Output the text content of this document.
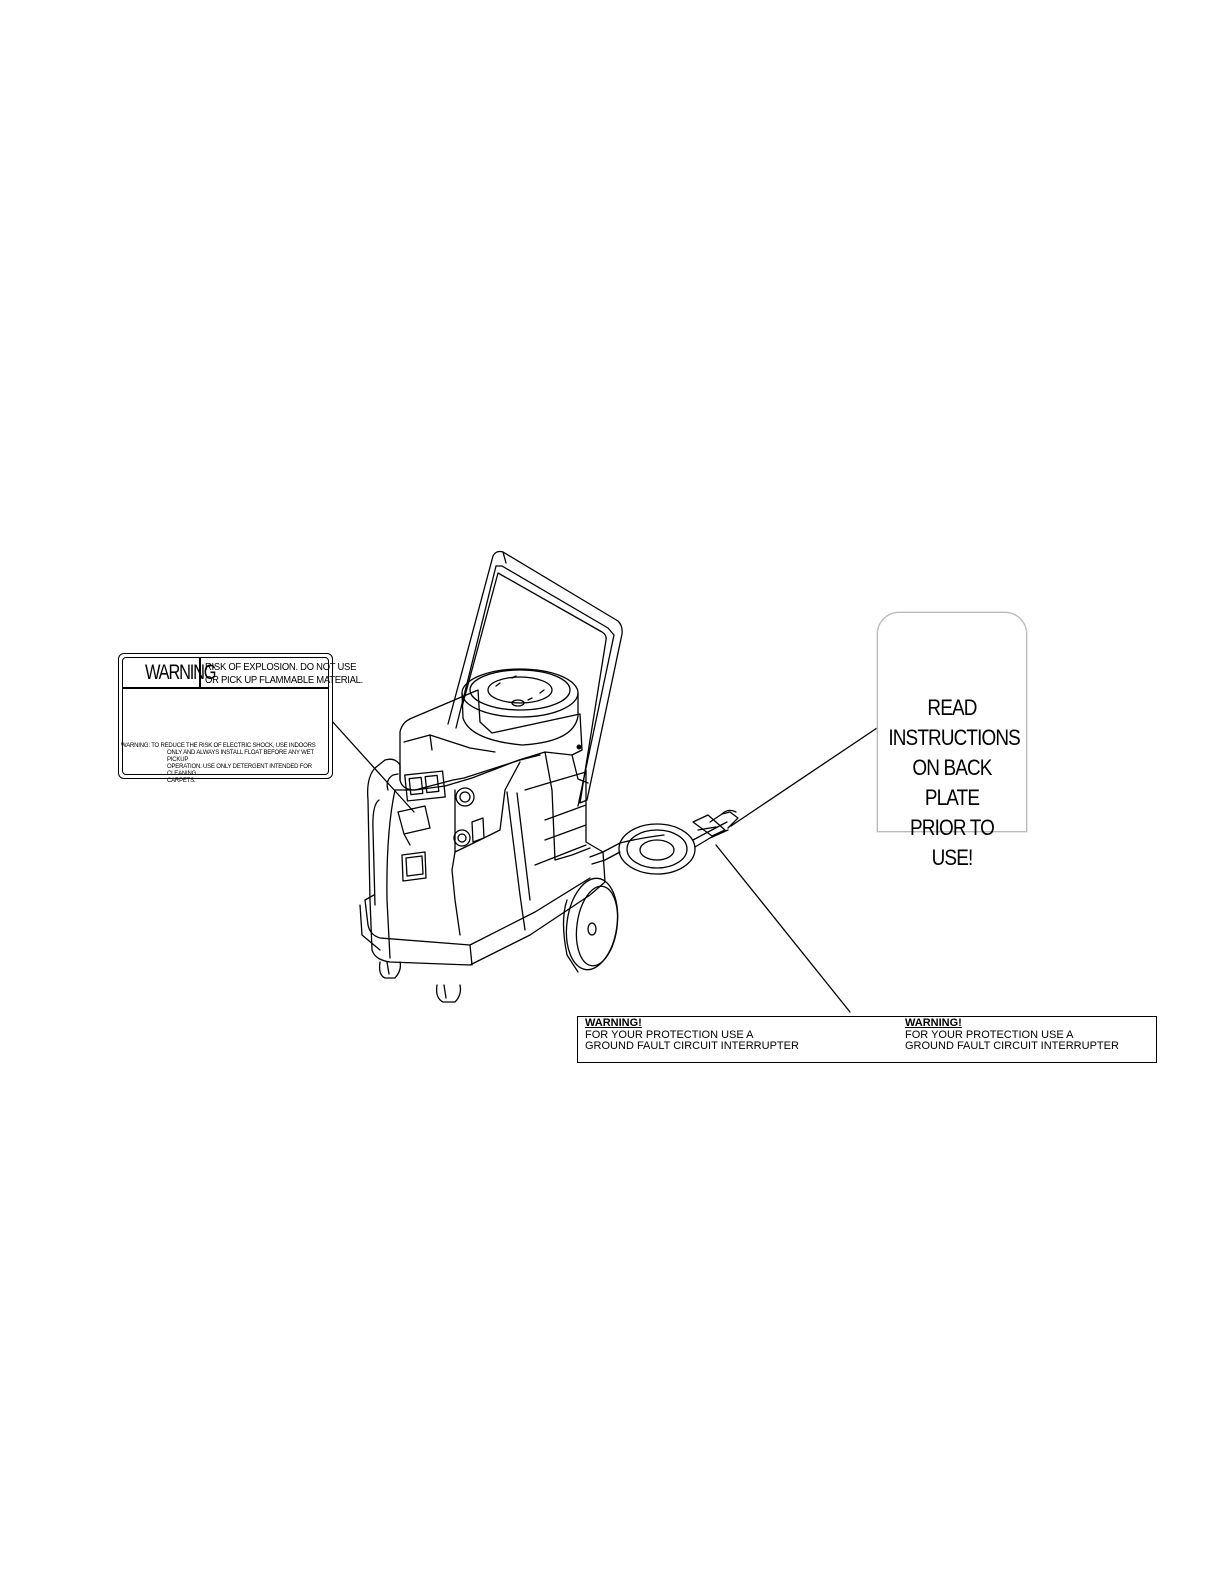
WARNING
RISK OF EXPLOSION. DO NOT USE
OR PICK UP FLAMMABLE MATERIAL.
WARNING: TO REDUCE THE RISK OF ELECTRIC SHOCK, USE INDOORS
ONLY AND ALWAYS INSTALL FLOAT BEFORE ANY WET PICKUP
OPERATION. USE ONLY DETERGENT INTENDED FOR CLEANING
CARPETS.
READ
INSTRUCTIONS
ON BACK PLATE
PRIOR TO USE!
WARNING!
FOR YOUR PROTECTION USE A
GROUND FAULT CIRCUIT INTERRUPTER
WARNING!
FOR YOUR PROTECTION USE A
GROUND FAULT CIRCUIT INTERRUPTER
